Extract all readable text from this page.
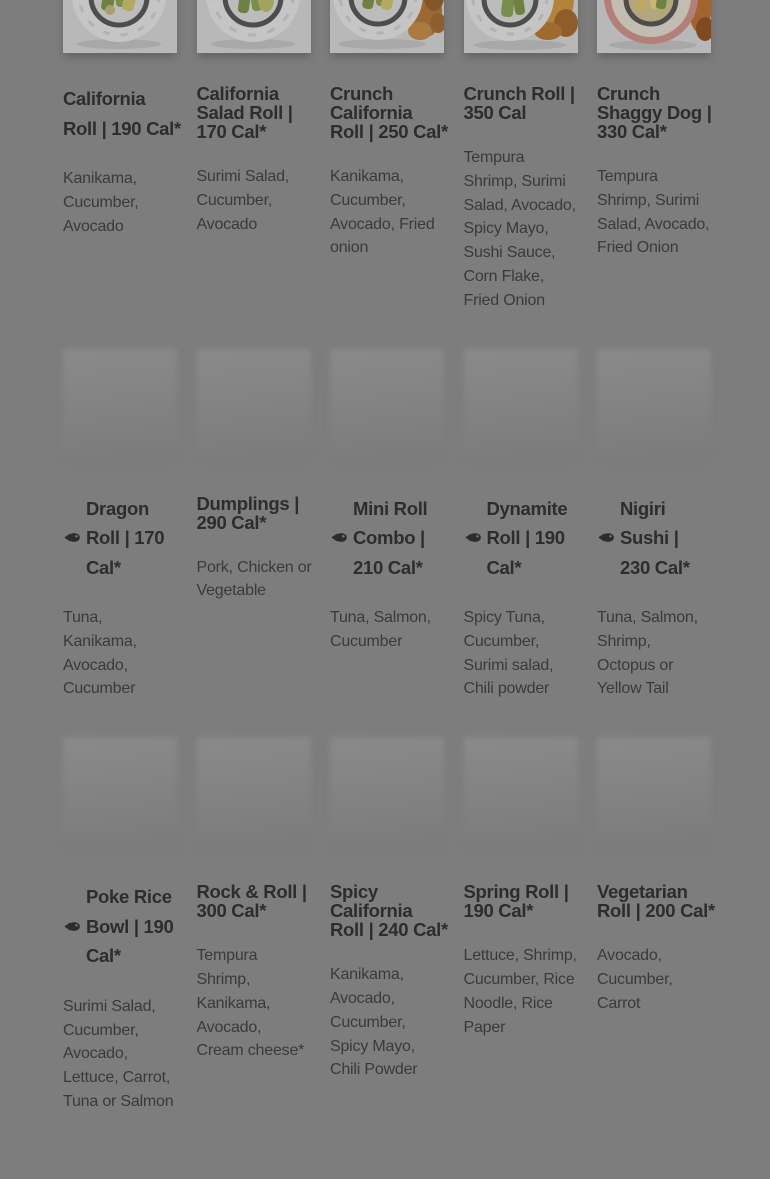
California Roll | 190 Cal*

Kanikama, Cucumber, Avocado

California Salad Roll | 170 Cal*

Surimi Salad, Cucumber, Avocado

Crunch California Roll | 250 Cal*

Kanikama, Cucumber, Avocado, Fried onion

Crunch Roll | 350 Cal

Tempura Shrimp, Surimi Salad, Avocado, Spicy Mayo, Sushi Sauce, Corn Flake, Fried Onion

Crunch Shaggy Dog | 330 Cal*

Tempura Shrimp, Surimi Salad, Avocado, Fried Onion

Dragon Roll | 170 Cal*

Tuna, Kanikama, Avocado, Cucumber

Dumplings | 290 Cal*

Pork, Chicken or Vegetable

Mini Roll Combo | 210 Cal*

Tuna, Salmon, Cucumber

Dynamite Roll | 190 Cal*

Spicy Tuna, Cucumber, Surimi salad, Chili powder

Nigiri Sushi | 230 Cal*

Tuna, Salmon, Shrimp, Octopus or Yellow Tail

Poke Rice Bowl | 190 Cal*

Surimi Salad, Cucumber, Avocado, Lettuce, Carrot, Tuna or Salmon

Rock & Roll | 300 Cal*

Tempura Shrimp, Kanikama, Avocado, Cream cheese*

Spicy California Roll | 240 Cal*

Kanikama, Avocado, Cucumber, Spicy Mayo, Chili Powder

Spring Roll | 190 Cal*

Lettuce, Shrimp, Cucumber, Rice Noodle, Rice Paper

Vegetarian Roll | 200 Cal*

Avocado, Cucumber, Carrot
